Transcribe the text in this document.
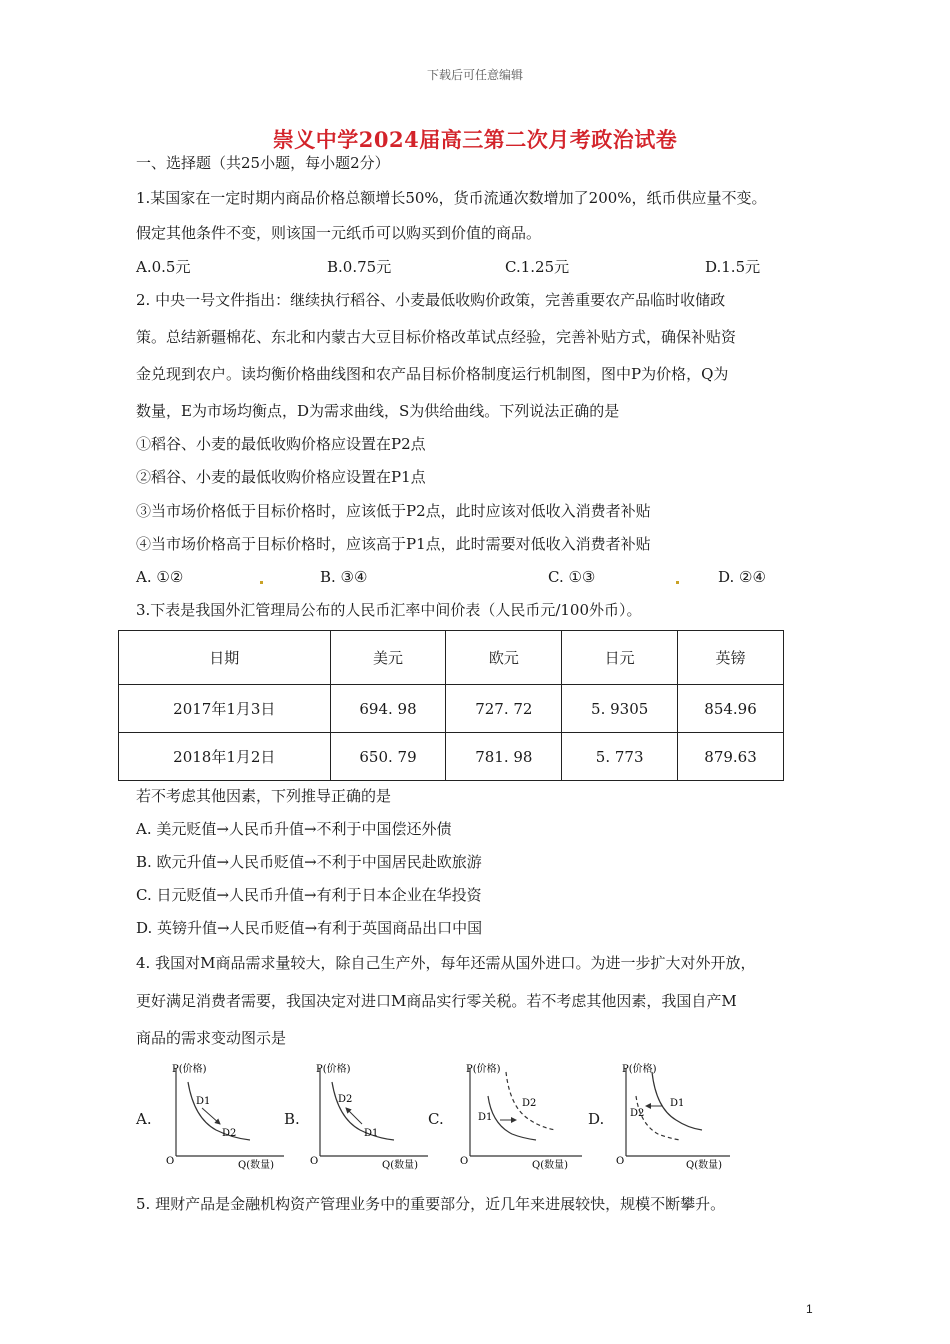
下载后可任意编辑
崇义中学2024届高三第二次月考政治试卷
一、选择题（共25小题，每小题2分）
1.某国家在一定时期内商品价格总额增长50%，货币流通次数增加了200%，纸币供应量不变。
假定其他条件不变，则该国一元纸币可以购买到价值的商品。
A.0.5元	B.0.75元	C.1.25元	D.1.5元
2. 中央一号文件指出：继续执行稻谷、小麦最低收购价政策，完善重要农产品临时收储政
策。总结新疆棉花、东北和内蒙古大豆目标价格改革试点经验，完善补贴方式，确保补贴资
金兑现到农户。读均衡价格曲线图和农产品目标价格制度运行机制图，图中P为价格，Q为
数量，E为市场均衡点，D为需求曲线，S为供给曲线。下列说法正确的是
①稻谷、小麦的最低收购价格应设置在P2点
②稻谷、小麦的最低收购价格应设置在P1点
③当市场价格低于目标价格时，应该低于P2点，此时应该对低收入消费者补贴
④当市场价格高于目标价格时，应该高于P1点，此时需要对低收入消费者补贴
A. ①②	B. ③④	C. ①③	D. ②④
3.下表是我国外汇管理局公布的人民币汇率中间价表（人民币元/100外币）。
日期	美元	欧元	日元	英镑
2017年1月3日	694. 98	727. 72	5. 9305	854.96
2018年1月2日	650. 79	781. 98	5. 773	879.63
若不考虑其他因素，下列推导正确的是
A. 美元贬值→人民币升值→不利于中国偿还外债
B. 欧元升值→人民币贬值→不利于中国居民赴欧旅游
C. 日元贬值→人民币升值→有利于日本企业在华投资
D. 英镑升值→人民币贬值→有利于英国商品出口中国
4. 我国对M商品需求量较大，除自己生产外，每年还需从国外进口。为进一步扩大对外开放，
更好满足消费者需要，我国决定对进口M商品实行零关税。若不考虑其他因素，我国自产M
商品的需求变动图示是
A.
P(价格)
Q(数量)
O
D1
D2
B.
P(价格)
Q(数量)
O
D2
D1
C.
P(价格)
Q(数量)
O
D1
D2
D.
P(价格)
Q(数量)
O
D2
D1
5. 理财产品是金融机构资产管理业务中的重要部分，近几年来进展较快，规模不断攀升。
1
